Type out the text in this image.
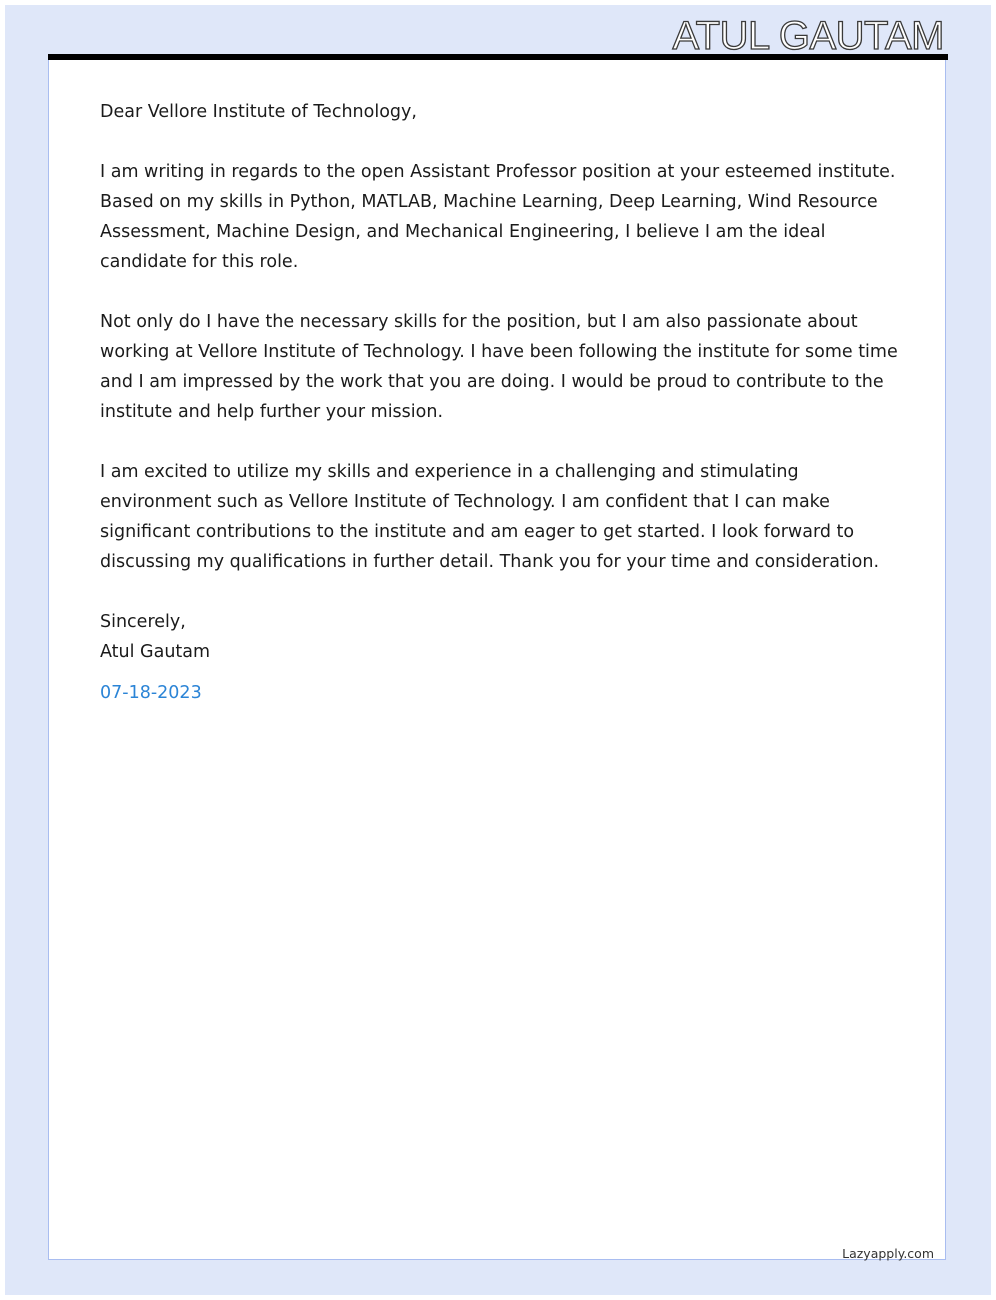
ATUL GAUTAM

Dear Vellore Institute of Technology,

I am writing in regards to the open Assistant Professor position at your esteemed institute. Based on my skills in Python, MATLAB, Machine Learning, Deep Learning, Wind Resource Assessment, Machine Design, and Mechanical Engineering, I believe I am the ideal candidate for this role.

Not only do I have the necessary skills for the position, but I am also passionate about working at Vellore Institute of Technology. I have been following the institute for some time and I am impressed by the work that you are doing. I would be proud to contribute to the institute and help further your mission.

I am excited to utilize my skills and experience in a challenging and stimulating environment such as Vellore Institute of Technology. I am confident that I can make significant contributions to the institute and am eager to get started. I look forward to discussing my qualifications in further detail. Thank you for your time and consideration.

Sincerely,

Atul Gautam

07-18-2023
Lazyapply.com
